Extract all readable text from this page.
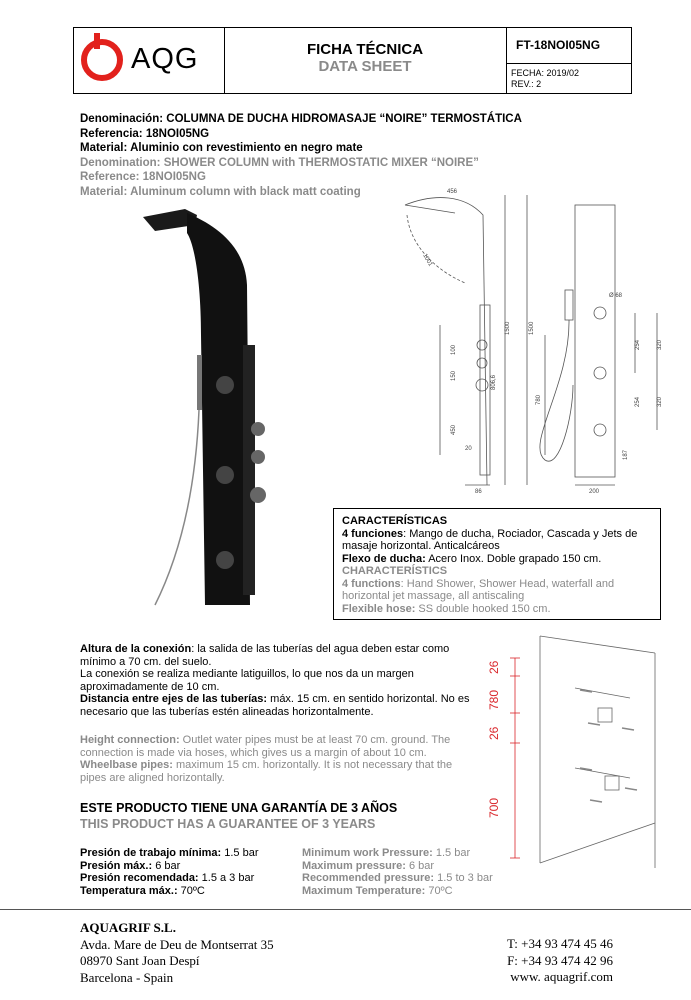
AQG	FICHA TÉCNICA
DATA SHEET
FT-18NOI05NG
FECHA: 2019/02
REV.: 2
Denominación: COLUMNA DE DUCHA HIDROMASAJE “NOIRE” TERMOSTÁTICA
Referencia: 18NOI05NG
Material: Aluminio con revestimiento en negro mate
Denomination: SHOWER COLUMN with THERMOSTATIC MIXER “NOIRE”
Reference: 18NOI05NG
Material: Aluminum column with black matt coating	456
1500
100
150	806,6
450
20
86
1001
1500
780
Ø 68
254	320
254	320
187
200
CARACTERÍSTICAS
4 funciones: Mango de ducha, Rociador, Cascada y Jets de masaje horizontal. Anticalcáreos
Flexo de ducha: Acero Inox. Doble grapado 150 cm.
CHARACTERÍSTICS
4 functions: Hand Shower, Shower Head, waterfall and horizontal jet massage, all antiscaling
Flexible hose: SS double hooked 150 cm.
Altura de la conexión: la salida de las tuberías del agua deben estar como mínimo a 70 cm. del suelo.
La conexión se realiza mediante latiguillos, lo que nos da un margen aproximadamente de 10 cm.
Distancia entre ejes de las tuberías: máx. 15 cm. en sentido horizontal. No es necesario que las tuberías estén alineadas horizontalmente.
Height connection: Outlet water pipes must be at least 70 cm. ground. The connection is made via hoses, which gives us a margin of about 10 cm.
Wheelbase pipes: maximum 15 cm. horizontally. It is not necessary that the pipes are aligned horizontally.
26
780
26
700
ESTE PRODUCTO TIENE UNA GARANTÍA DE 3 AÑOS
THIS PRODUCT HAS A GUARANTEE OF 3 YEARS
Presión de trabajo mínima: 1.5 bar
Presión máx.: 6 bar
Presión recomendada: 1.5 a 3 bar
Temperatura máx.: 70ºC
Minimum work Pressure: 1.5 bar
Maximum pressure: 6 bar
Recommended pressure: 1.5 to 3 bar
Maximum Temperature: 70ºC
AQUAGRIF S.L.
Avda. Mare de Deu de Montserrat 35
08970 Sant Joan Despí
Barcelona - Spain
T: +34 93 474 45 46
F: +34 93 474 42 96
www. aquagrif.com
